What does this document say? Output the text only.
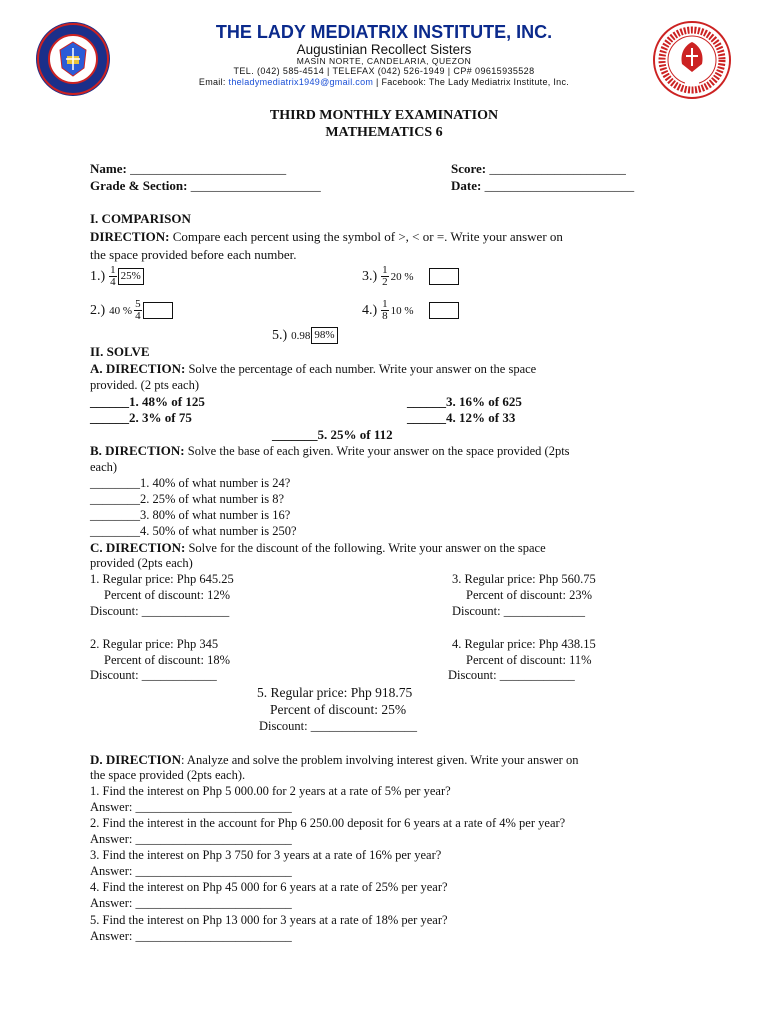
THE LADY MEDIATRIX INSTITUTE, INC.
Augustinian Recollect Sisters
MASIN NORTE, CANDELARIA, QUEZON
TEL. (042) 585-4514 | TELEFAX (042) 526-1949 | CP# 09615935528
Email: theladymediatrix1949@gmail.com | Facebook: The Lady Mediatrix Institute, Inc.
THIRD MONTHLY EXAMINATION
MATHEMATICS 6
Name: ________________________	Score: _____________________
Grade & Section: ____________________	Date: _______________________
I. COMPARISON
DIRECTION: Compare each percent using the symbol of >, < or =. Write your answer on
the space provided before each number.
$1.) \frac{1}{4} 25\%$
2.) 40 % $\frac{5}{4}$
$3.) \frac{1}{2} 20$ %
$4.) \frac{1}{8} 10$ %
5.) 0.98 98%
II. SOLVE
A. DIRECTION: Solve the percentage of each number. Write your answer on the space
provided. (2 pts each)
______1. 48% of 125
______2. 3% of 75
______3. 16% of 625
______4. 12% of 33
_______5. 25% of 112
B. DIRECTION: Solve the base of each given. Write your answer on the space provided (2pts
each)
________1. 40% of what number is 24?
________2. 25% of what number is 8?
________3. 80% of what number is 16?
________4. 50% of what number is 250?
C. DIRECTION: Solve for the discount of the following. Write your answer on the space
provided (2pts each)
1. Regular price: Php 645.25
Percent of discount: 12%
Discount: ______________
3. Regular price: Php 560.75
Percent of discount: 23%
Discount: _____________
2. Regular price: Php 345
Percent of discount: 18%
Discount: ____________
4. Regular price: Php 438.15
Percent of discount: 11%
Discount: ____________
5. Regular price: Php 918.75
Percent of discount: 25%
Discount: _________________
D. DIRECTION: Analyze and solve the problem involving interest given. Write your answer on
the space provided (2pts each).
1. Find the interest on Php 5 000.00 for 2 years at a rate of 5% per year?
Answer: _________________________
2. Find the interest in the account for Php 6 250.00 deposit for 6 years at a rate of 4% per year?
Answer: _________________________
3. Find the interest on Php 3 750 for 3 years at a rate of 16% per year?
Answer: _________________________
4. Find the interest on Php 45 000 for 6 years at a rate of 25% per year?
Answer: _________________________
5. Find the interest on Php 13 000 for 3 years at a rate of 18% per year?
Answer: _________________________
